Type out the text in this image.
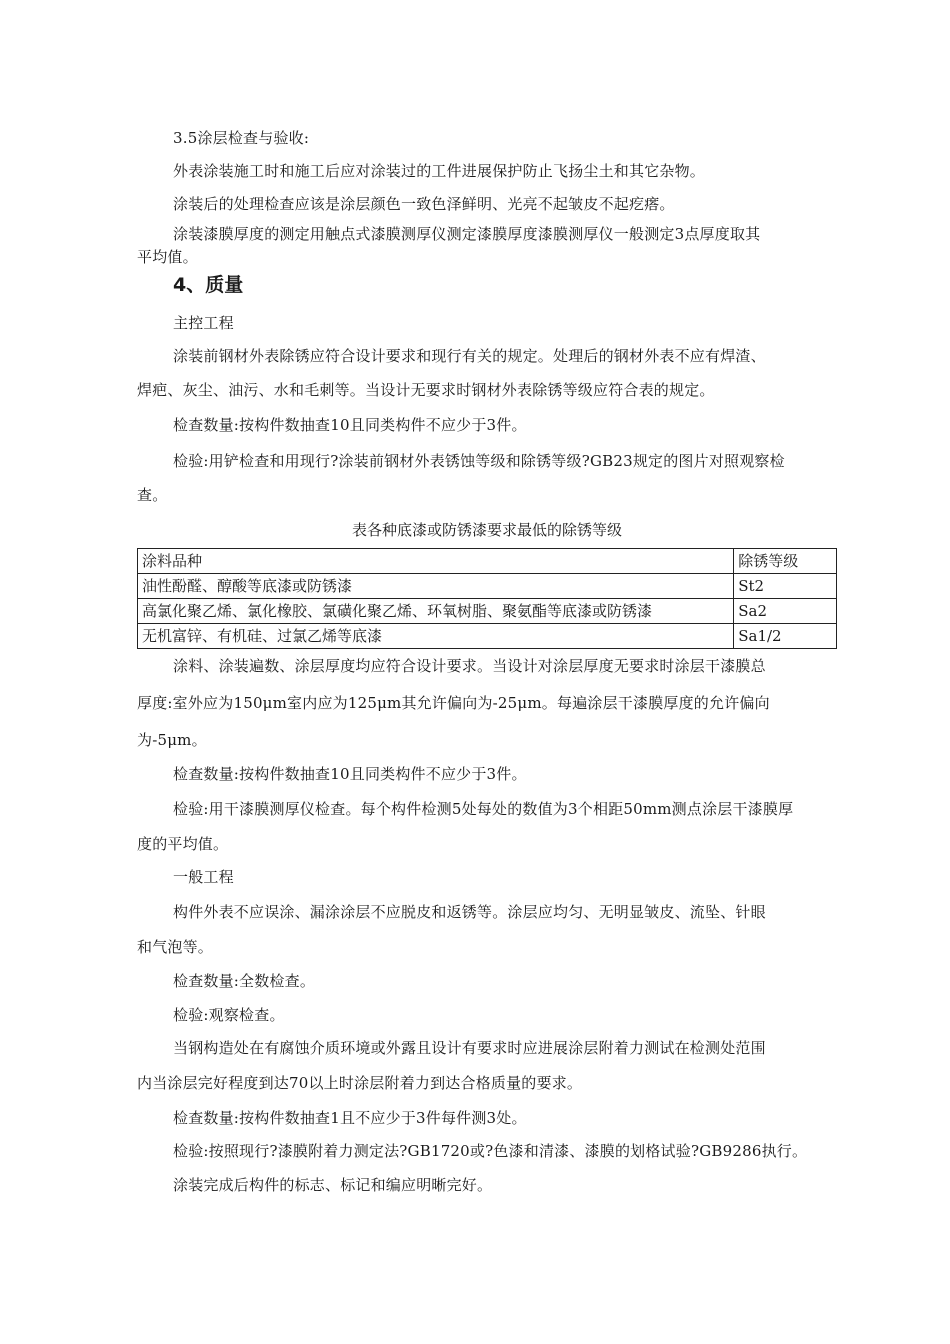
3.5涂层检查与验收:
外表涂装施工时和施工后应对涂装过的工件进展保护防止飞扬尘土和其它杂物。
涂装后的处理检查应该是涂层颜色一致色泽鲜明、光亮不起皱皮不起疙瘩。
涂装漆膜厚度的测定用触点式漆膜测厚仪测定漆膜厚度漆膜测厚仪一般测定3点厚度取其
平均值。
4、质量
主控工程
涂装前钢材外表除锈应符合设计要求和现行有关的规定。处理后的钢材外表不应有焊渣、
焊疤、灰尘、油污、水和毛刺等。当设计无要求时钢材外表除锈等级应符合表的规定。
检查数量:按构件数抽查10且同类构件不应少于3件。
检验:用铲检查和用现行?涂装前钢材外表锈蚀等级和除锈等级?GB23规定的图片对照观察检
查。
表各种底漆或防锈漆要求最低的除锈等级
涂料品种	除锈等级
油性酚醛、醇酸等底漆或防锈漆	St2
高氯化聚乙烯、氯化橡胶、氯磺化聚乙烯、环氧树脂、聚氨酯等底漆或防锈漆	Sa2
无机富锌、有机硅、过氯乙烯等底漆	Sa1/2
涂料、涂装遍数、涂层厚度均应符合设计要求。当设计对涂层厚度无要求时涂层干漆膜总
厚度:室外应为150μm室内应为125μm其允许偏向为-25μm。每遍涂层干漆膜厚度的允许偏向
为-5μm。
检查数量:按构件数抽查10且同类构件不应少于3件。
检验:用干漆膜测厚仪检查。每个构件检测5处每处的数值为3个相距50mm测点涂层干漆膜厚
度的平均值。
一般工程
构件外表不应误涂、漏涂涂层不应脱皮和返锈等。涂层应均匀、无明显皱皮、流坠、针眼
和气泡等。
检查数量:全数检查。
检验:观察检查。
当钢构造处在有腐蚀介质环境或外露且设计有要求时应进展涂层附着力测试在检测处范围
内当涂层完好程度到达70以上时涂层附着力到达合格质量的要求。
检查数量:按构件数抽查1且不应少于3件每件测3处。
检验:按照现行?漆膜附着力测定法?GB1720或?色漆和清漆、漆膜的划格试验?GB9286执行。
涂装完成后构件的标志、标记和编应明晰完好。
